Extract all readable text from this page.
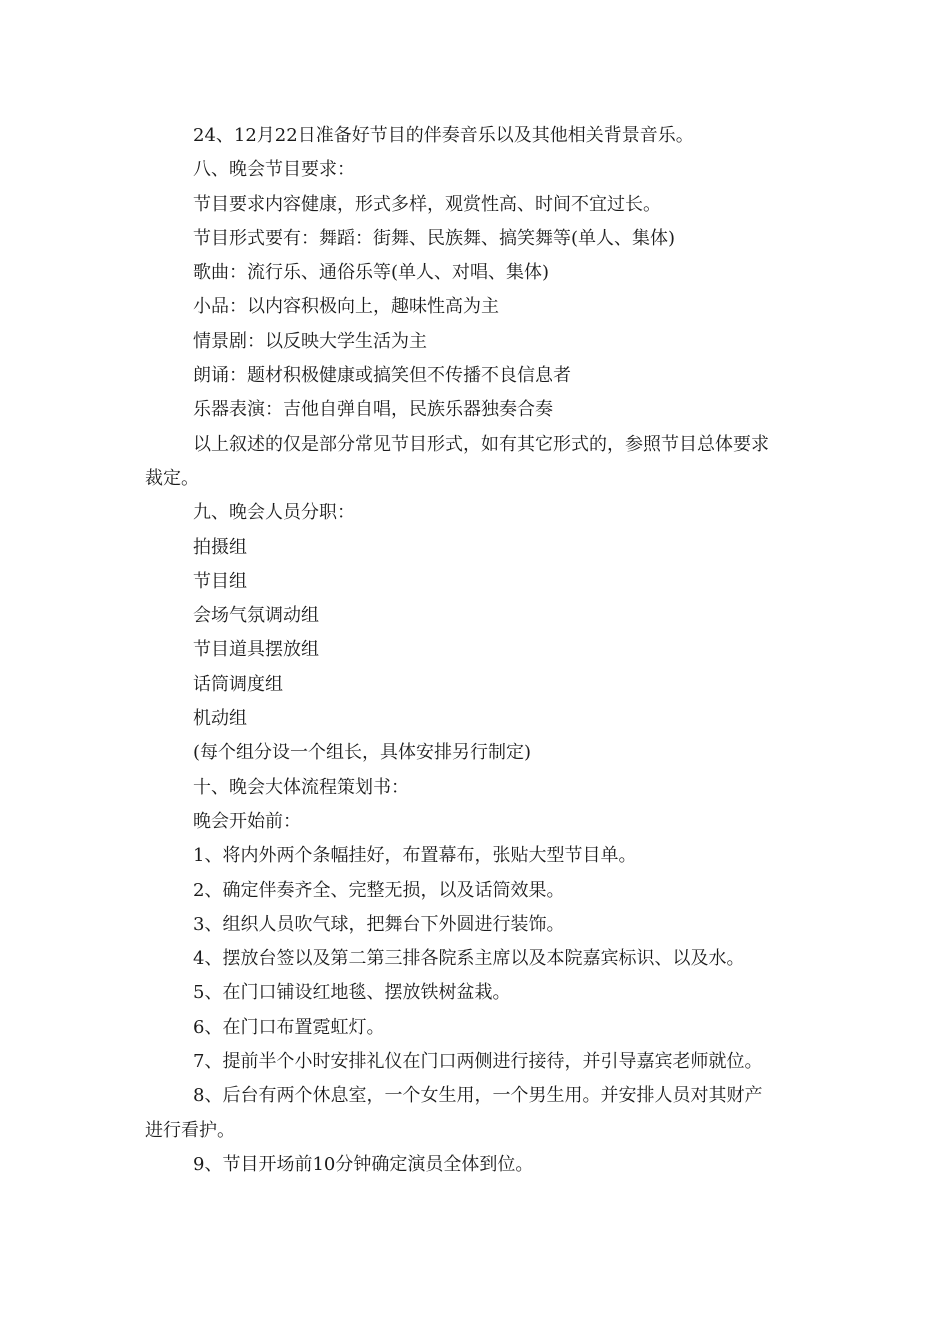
24、12月22日准备好节目的伴奏音乐以及其他相关背景音乐。
八、晚会节目要求：
节目要求内容健康，形式多样，观赏性高、时间不宜过长。
节目形式要有：舞蹈：街舞、民族舞、搞笑舞等(单人、集体)
歌曲：流行乐、通俗乐等(单人、对唱、集体)
小品：以内容积极向上，趣味性高为主
情景剧：以反映大学生活为主
朗诵：题材积极健康或搞笑但不传播不良信息者
乐器表演：吉他自弹自唱，民族乐器独奏合奏
以上叙述的仅是部分常见节目形式，如有其它形式的，参照节目总体要求
裁定。
九、晚会人员分职：
拍摄组
节目组
会场气氛调动组
节目道具摆放组
话筒调度组
机动组
(每个组分设一个组长，具体安排另行制定)
十、晚会大体流程策划书：
晚会开始前：
1、将内外两个条幅挂好，布置幕布，张贴大型节目单。
2、确定伴奏齐全、完整无损，以及话筒效果。
3、组织人员吹气球，把舞台下外圆进行装饰。
4、摆放台签以及第二第三排各院系主席以及本院嘉宾标识、以及水。
5、在门口铺设红地毯、摆放铁树盆栽。
6、在门口布置霓虹灯。
7、提前半个小时安排礼仪在门口两侧进行接待，并引导嘉宾老师就位。
8、后台有两个休息室，一个女生用，一个男生用。并安排人员对其财产
进行看护。
9、节目开场前10分钟确定演员全体到位。
